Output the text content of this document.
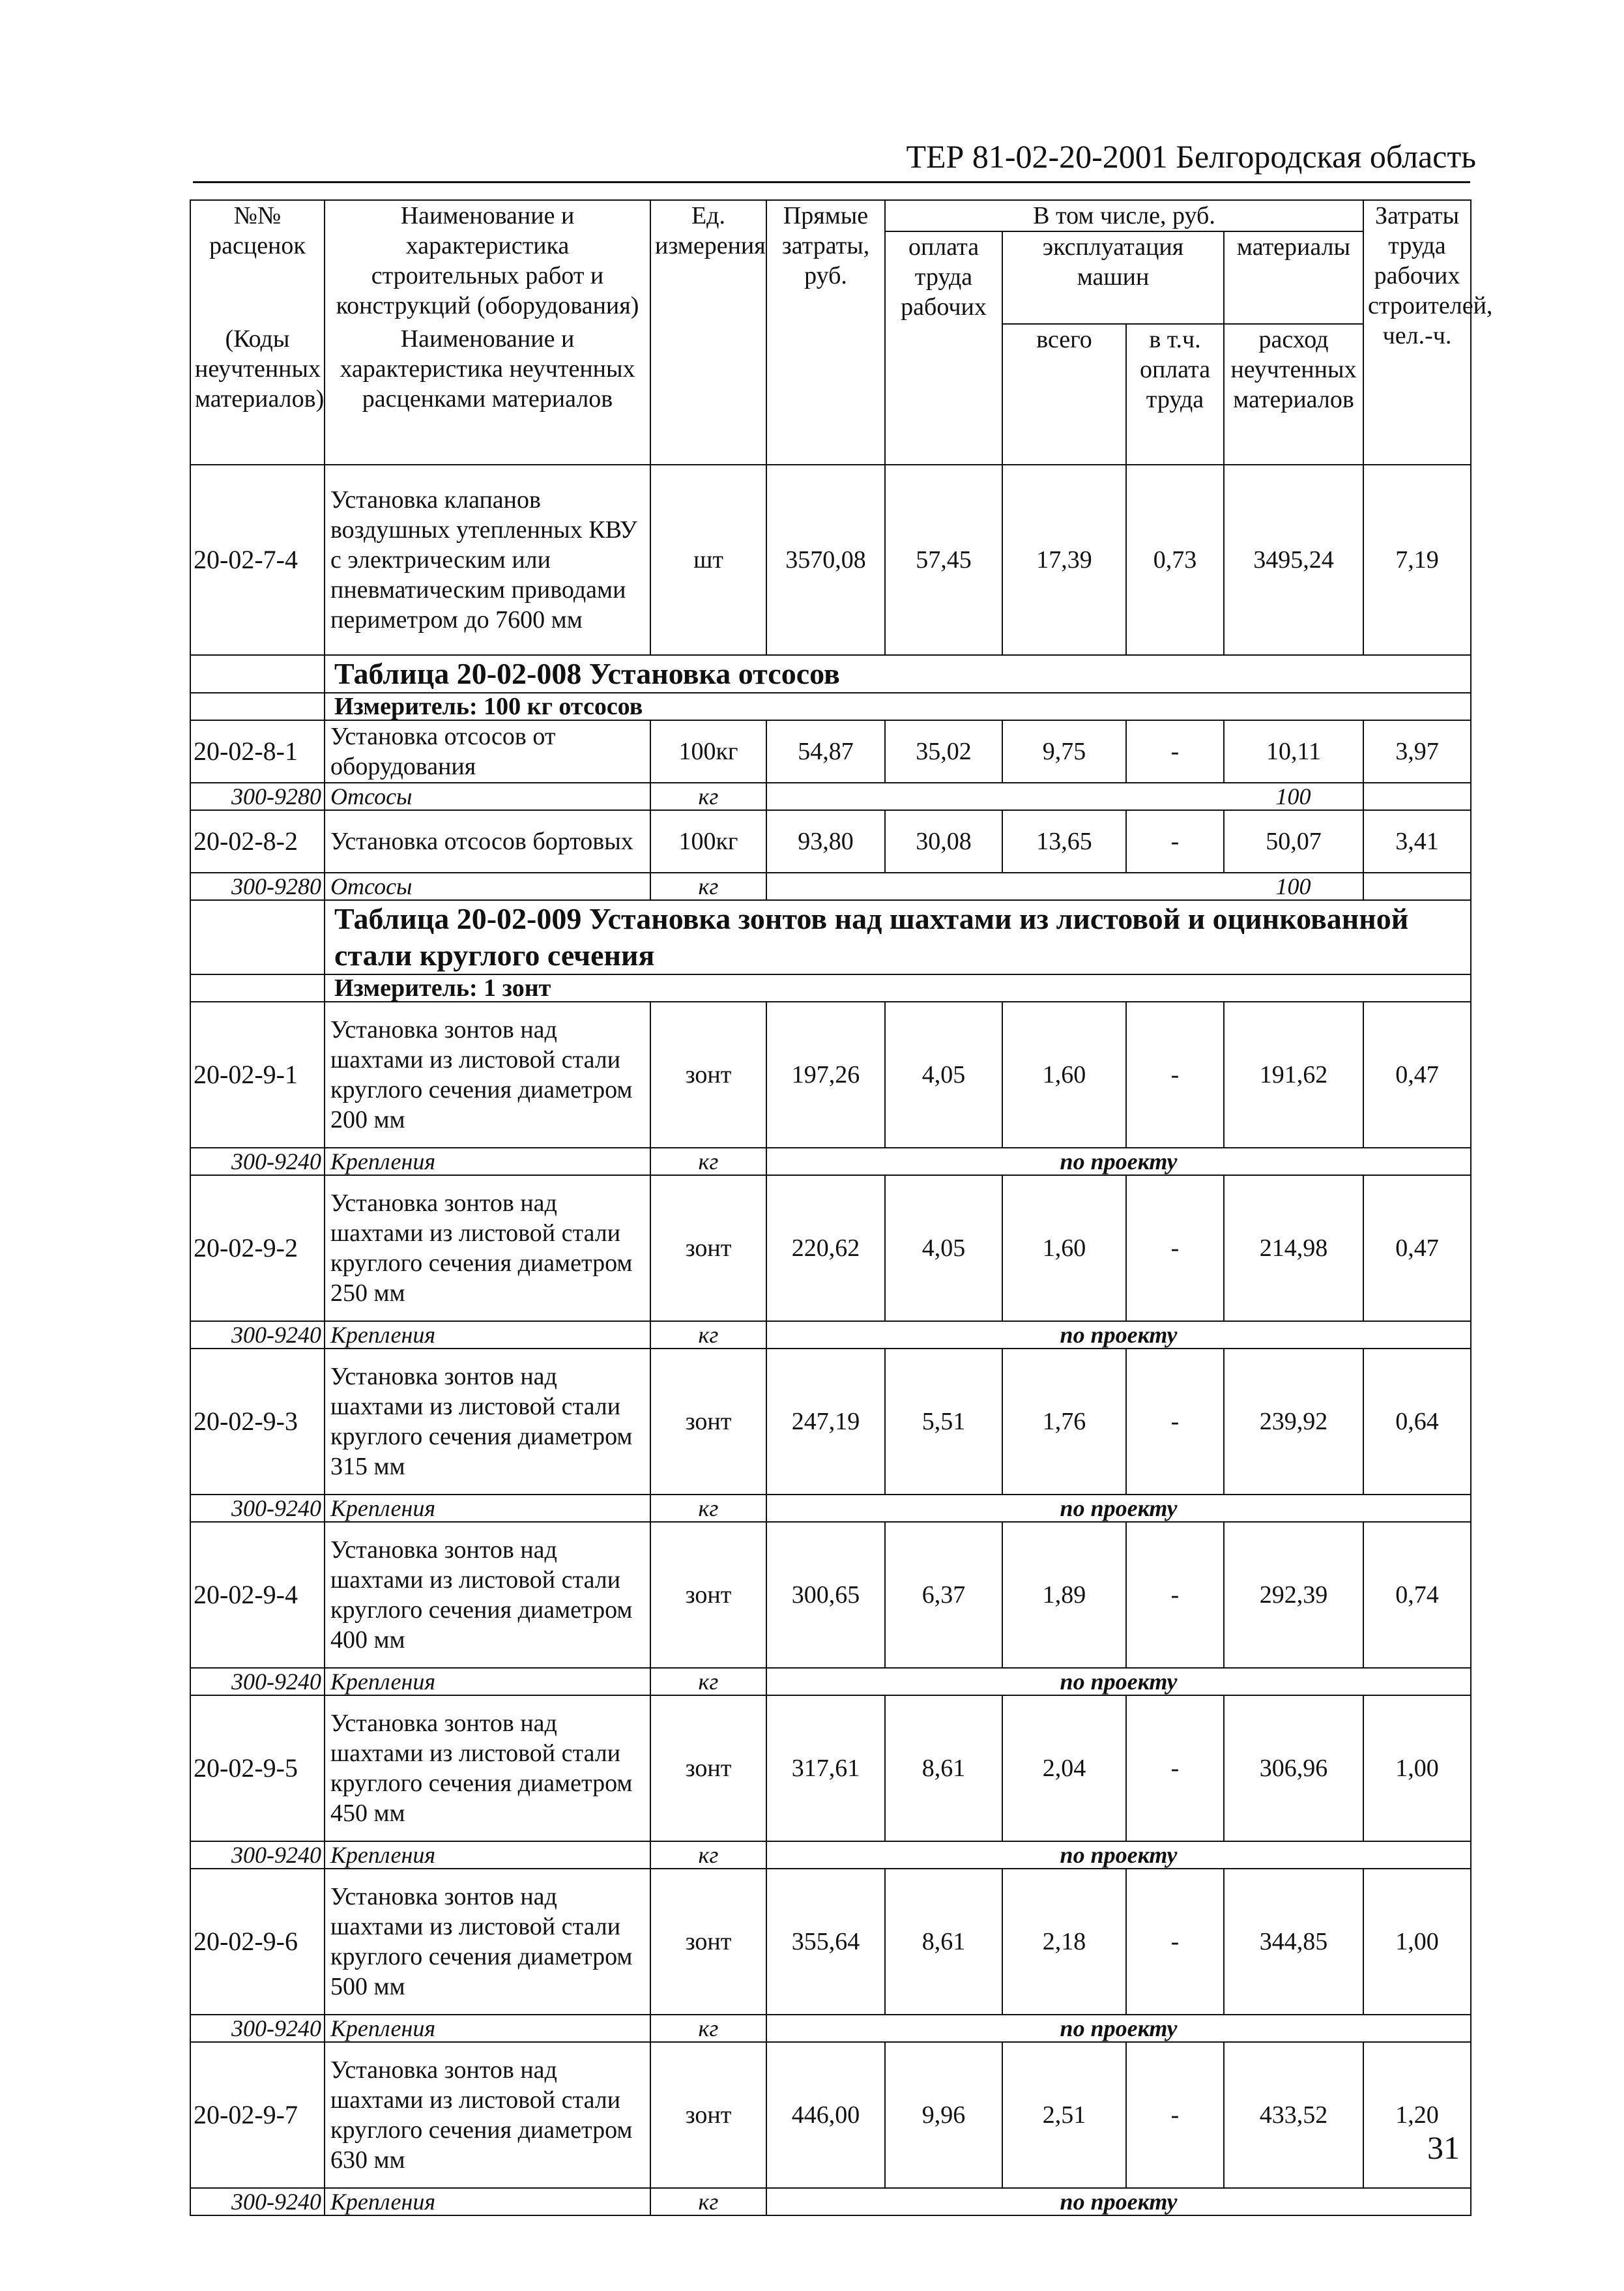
ТЕР 81-02-20-2001 Белгородская область
№№ расценок	Наименование и характеристика строительных работ и конструкций (оборудования)	Ед. измерения	Прямые затраты, руб.	В том числе, руб.				Затраты труда рабочих строителей, чел.-ч.
				оплата труда рабочих	эксплуатация машин		материалы	
(Коды неучтенных материалов)	Наименование и характеристика неучтенных расценками материалов				всего	в т.ч. оплата труда	расход неучтенных материалов	

20-02-7-4	Установка клапанов воздушных утепленных КВУ с электрическим или пневматическим приводами периметром до 7600 мм	шт	3570,08	57,45	17,39	0,73	3495,24	7,19
	Таблица 20-02-008 Установка отсосов							
	Измеритель: 100 кг отсосов							
20-02-8-1	Установка отсосов от оборудования	100кг	54,87	35,02	9,75	-	10,11	3,97
300-9280	Отсосы	кг					100	
20-02-8-2	Установка отсосов бортовых	100кг	93,80	30,08	13,65	-	50,07	3,41
300-9280	Отсосы	кг					100	
	Таблица 20-02-009 Установка зонтов над шахтами из листовой и оцинкованной стали круглого сечения							
	Измеритель: 1 зонт							
20-02-9-1	Установка зонтов над шахтами из листовой стали круглого сечения диаметром 200 мм	зонт	197,26	4,05	1,60	-	191,62	0,47
300-9240	Крепления	кг	по проекту					
20-02-9-2	Установка зонтов над шахтами из листовой стали круглого сечения диаметром 250 мм	зонт	220,62	4,05	1,60	-	214,98	0,47
300-9240	Крепления	кг	по проекту					
20-02-9-3	Установка зонтов над шахтами из листовой стали круглого сечения диаметром 315 мм	зонт	247,19	5,51	1,76	-	239,92	0,64
300-9240	Крепления	кг	по проекту					
20-02-9-4	Установка зонтов над шахтами из листовой стали круглого сечения диаметром 400 мм	зонт	300,65	6,37	1,89	-	292,39	0,74
300-9240	Крепления	кг	по проекту					
20-02-9-5	Установка зонтов над шахтами из листовой стали круглого сечения диаметром 450 мм	зонт	317,61	8,61	2,04	-	306,96	1,00
300-9240	Крепления	кг	по проекту					
20-02-9-6	Установка зонтов над шахтами из листовой стали круглого сечения диаметром 500 мм	зонт	355,64	8,61	2,18	-	344,85	1,00
300-9240	Крепления	кг	по проекту					
20-02-9-7	Установка зонтов над шахтами из листовой стали круглого сечения диаметром 630 мм	зонт	446,00	9,96	2,51	-	433,52	1,20
300-9240	Крепления	кг	по проекту					
31
